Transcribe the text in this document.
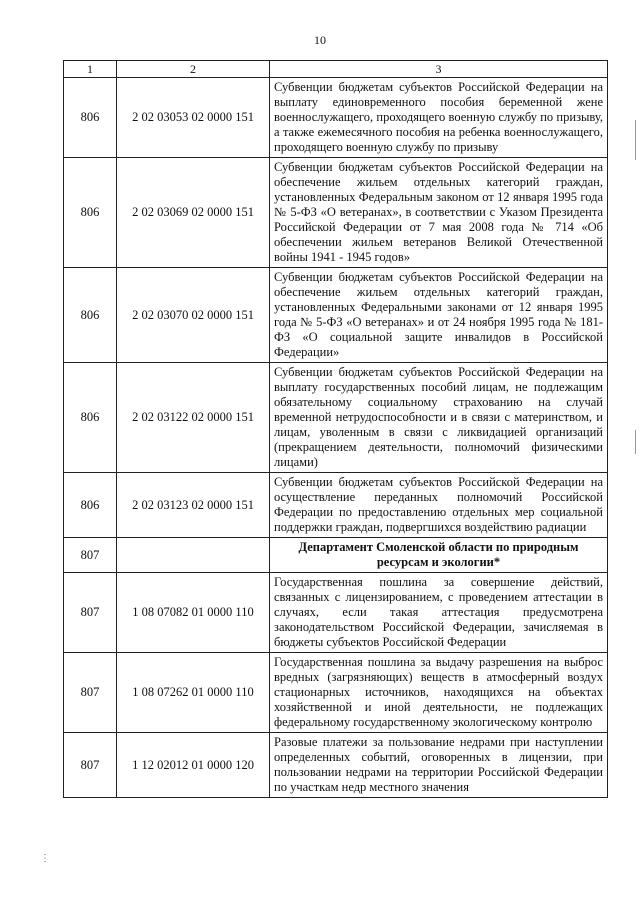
10
1	2	3
806	2 02 03053 02 0000 151	Субвенции бюджетам субъектов Российской Федерации на выплату единовременного пособия беременной жене военнослужащего, проходящего военную службу по призыву, а также ежемесячного пособия на ребенка военнослужащего, проходящего военную службу по призыву
806	2 02 03069 02 0000 151	Субвенции бюджетам субъектов Российской Федерации на обеспечение жильем отдельных категорий граждан, установленных Федеральным законом от 12 января 1995 года № 5-ФЗ «О ветеранах», в соответствии с Указом Президента Российской Федерации от 7 мая 2008 года № 714 «Об обеспечении жильем ветеранов Великой Отечественной войны 1941 - 1945 годов»
806	2 02 03070 02 0000 151	Субвенции бюджетам субъектов Российской Федерации на обеспечение жильем отдельных категорий граждан, установленных Федеральными законами от 12 января 1995 года № 5-ФЗ «О ветеранах» и от 24 ноября 1995 года № 181-ФЗ «О социальной защите инвалидов в Российской Федерации»
806	2 02 03122 02 0000 151	Субвенции бюджетам субъектов Российской Федерации на выплату государственных пособий лицам, не подлежащим обязательному социальному страхованию на случай временной нетрудоспособности и в связи с материнством, и лицам, уволенным в связи с ликвидацией организаций (прекращением деятельности, полномочий физическими лицами)
806	2 02 03123 02 0000 151	Субвенции бюджетам субъектов Российской Федерации на осуществление переданных полномочий Российской Федерации по предоставлению отдельных мер социальной поддержки граждан, подвергшихся воздействию радиации
807		Департамент Смоленской области по природным ресурсам и экологии*
807	1 08 07082 01 0000 110	Государственная пошлина за совершение действий, связанных с лицензированием, с проведением аттестации в случаях, если такая аттестация предусмотрена законодательством Российской Федерации, зачисляемая в бюджеты субъектов Российской Федерации
807	1 08 07262 01 0000 110	Государственная пошлина за выдачу разрешения на выброс вредных (загрязняющих) веществ в атмосферный воздух стационарных источников, находящихся на объектах хозяйственной и иной деятельности, не подлежащих федеральному государственному экологическому контролю
807	1 12 02012 01 0000 120	Разовые платежи за пользование недрами при наступлении определенных событий, оговоренных в лицензии, при пользовании недрами на территории Российской Федерации по участкам недр местного значения
⋮
